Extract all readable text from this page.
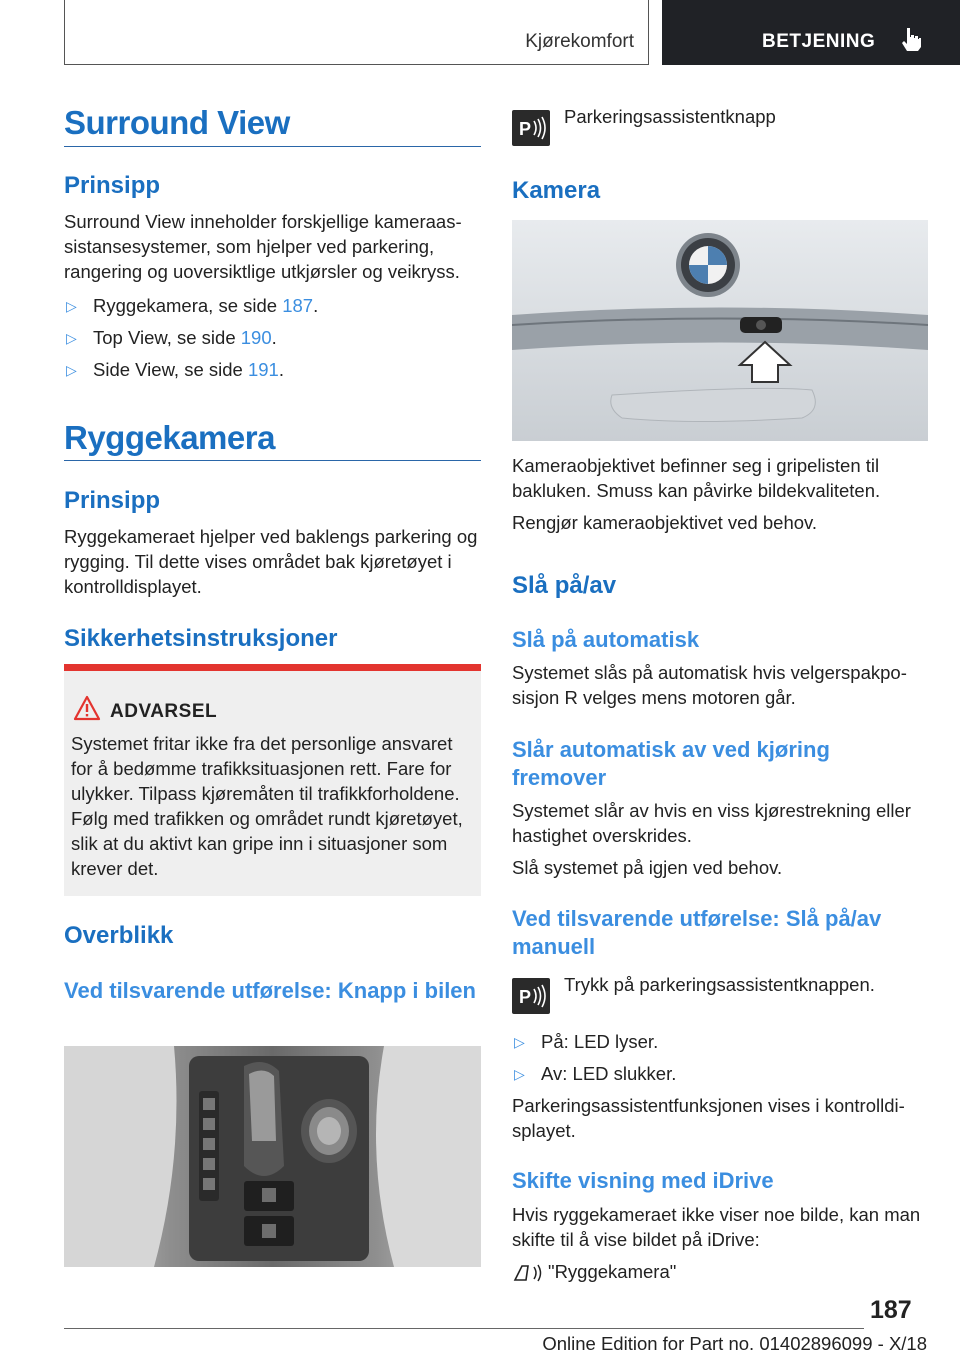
Kjørekomfort	BETJENING
Surround View
Prinsipp
Surround View inneholder forskjellige kameraassistansesystemer, som hjelper ved parkering, rangering og uoversiktlige utkjørsler og veikryss.
▷ Ryggekamera, se side 187.
▷ Top View, se side 190.
▷ Side View, se side 191.
Ryggekamera
Prinsipp
Ryggekameraet hjelper ved baklengs parkering og rygging. Til dette vises området bak kjøretøyet i kontrolldisplayet.
Sikkerhetsinstruksjoner
ADVARSEL
Systemet fritar ikke fra det personlige ansvaret for å bedømme trafikksituasjonen rett. Fare for ulykker. Tilpass kjøremåten til trafikkforholdene. Følg med trafikken og området rundt kjøretøyet, slik at du aktivt kan gripe inn i situasjoner som krever det.
Overblikk
Ved tilsvarende utførelse: Knapp i bilen
P
Parkeringsassistentknapp
Kamera
Kameraobjektivet befinner seg i gripelisten til bakluken. Smuss kan påvirke bildekvaliteten.
Rengjør kameraobjektivet ved behov.
Slå på/av
Slå på automatisk
Systemet slås på automatisk hvis velgerspakposisjon R velges mens motoren går.
Slår automatisk av ved kjøring fremover
Systemet slår av hvis en viss kjørestrekning eller hastighet overskrides.
Slå systemet på igjen ved behov.
Ved tilsvarende utførelse: Slå på/av manuell
P
Trykk på parkeringsassistentknappen.
▷ På: LED lyser.
▷ Av: LED slukker.
Parkeringsassistentfunksjonen vises i kontrolldisplayet.
Skifte visning med iDrive
Hvis ryggekameraet ikke viser noe bilde, kan man skifte til å vise bildet på iDrive:
"Ryggekamera"
187
Online Edition for Part no. 01402896099 - X/18
